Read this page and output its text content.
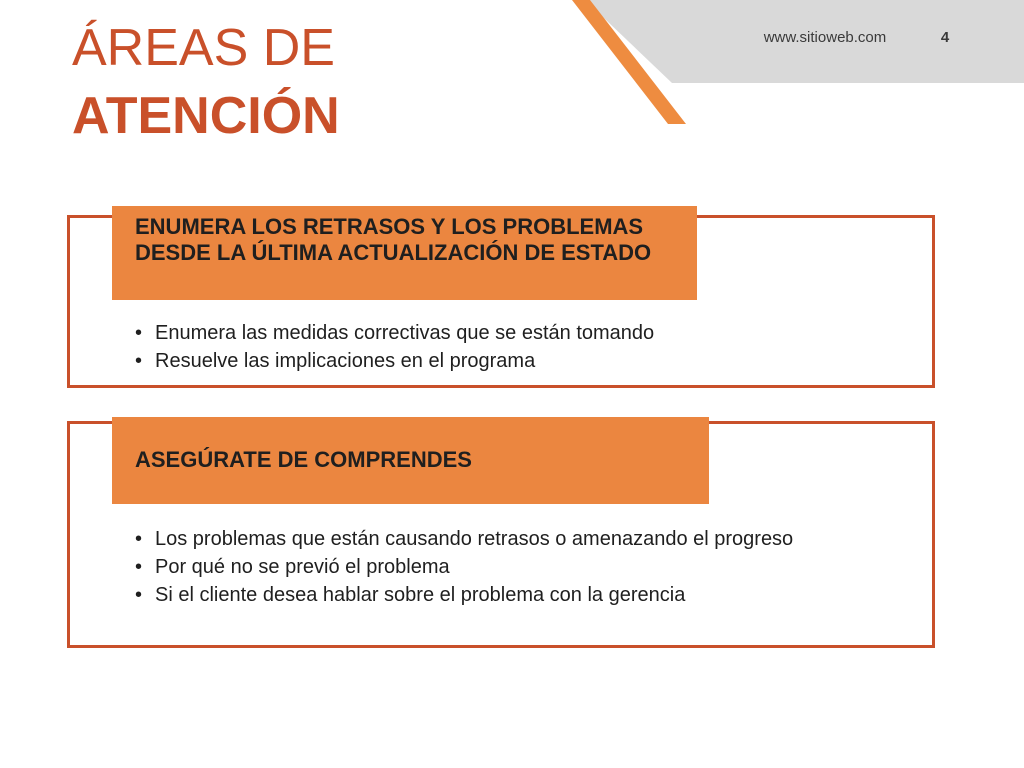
www.sitioweb.com	4
ÁREAS DE
ATENCIÓN
ENUMERA LOS RETRASOS Y LOS PROBLEMAS DESDE LA ÚLTIMA ACTUALIZACIÓN DE ESTADO
• Enumera las medidas correctivas que se están tomando
• Resuelve las implicaciones en el programa
ASEGÚRATE DE COMPRENDES
• Los problemas que están causando retrasos o amenazando el progreso
• Por qué no se previó el problema
• Si el cliente desea hablar sobre el problema con la gerencia
